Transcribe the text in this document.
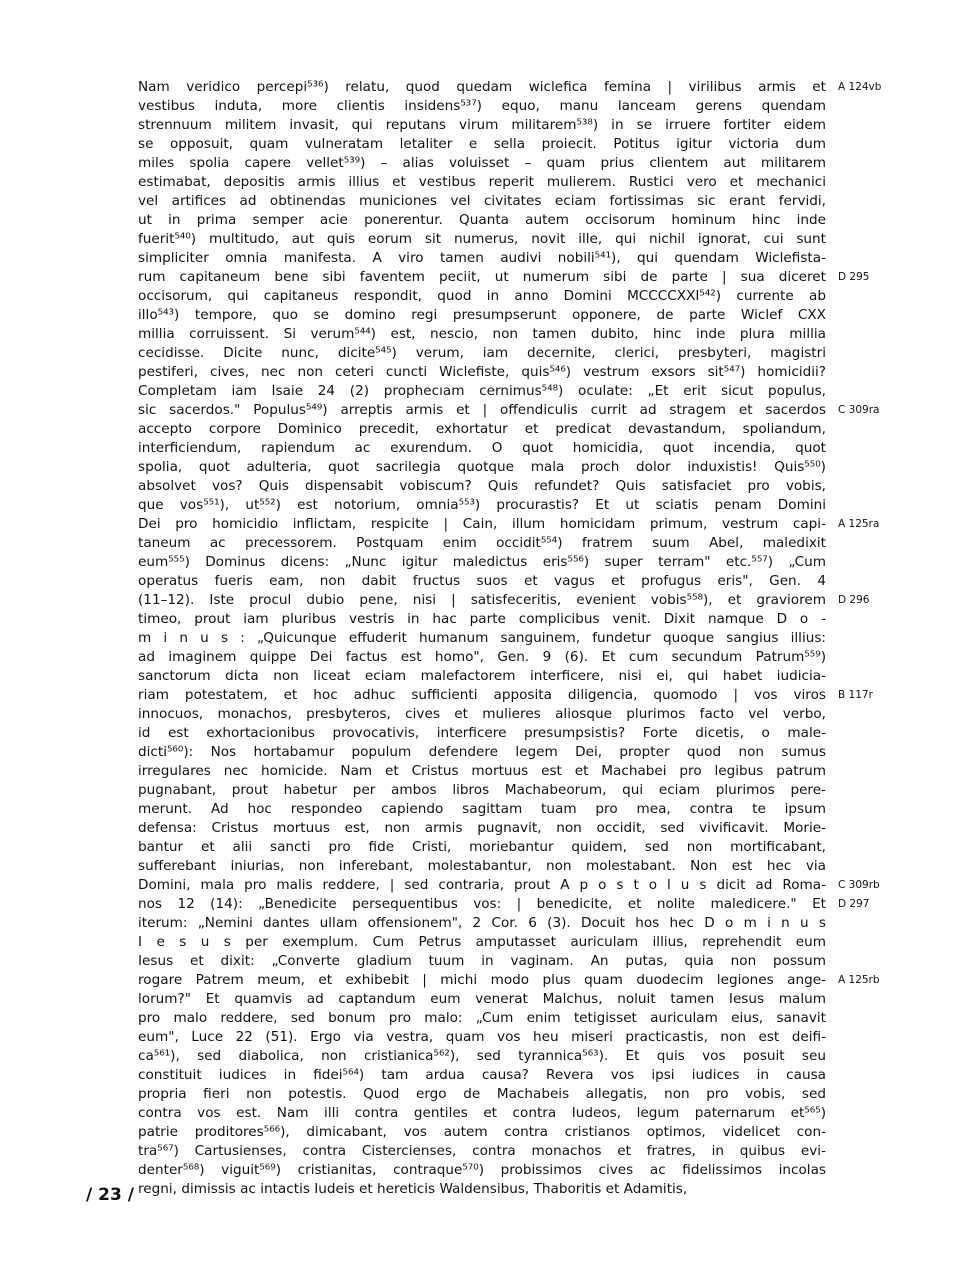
Nam veridico percepi⁵³⁶) relatu, quod quedam wiclefica femina | virilibus armis et
vestibus induta, more clientis insidens⁵³⁷) equo, manu lanceam gerens quendam
strennuum militem invasit, qui reputans virum militarem⁵³⁸) in se irruere fortiter eidem
se opposuit, quam vulneratam letaliter e sella proiecit. Potitus igitur victoria dum
miles spolia capere vellet⁵³⁹) – alias voluisset – quam prius clientem aut militarem
estimabat, depositis armis illius et vestibus reperit mulierem. Rustici vero et mechanici
vel artifices ad obtinendas municiones vel civitates eciam fortissimas sic erant fervidi,
ut in prima semper acie ponerentur. Quanta autem occisorum hominum hinc inde
fuerit⁵⁴⁰) multitudo, aut quis eorum sit numerus, novit ille, qui nichil ignorat, cui sunt
simpliciter omnia manifesta. A viro tamen audivi nobili⁵⁴¹), qui quendam Wiclefista-
rum capitaneum bene sibi faventem peciit, ut numerum sibi de parte | sua diceret
occisorum, qui capitaneus respondit, quod in anno Domini MCCCCXXI⁵⁴²) currente ab
illo⁵⁴³) tempore, quo se domino regi presumpserunt opponere, de parte Wiclef CXX
millia corruissent. Si verum⁵⁴⁴) est, nescio, non tamen dubito, hinc inde plura millia
cecidisse. Dicite nunc, dicite⁵⁴⁵) verum, iam decernite, clerici, presbyteri, magistri
pestiferi, cives, nec non ceteri cuncti Wiclefiste, quis⁵⁴⁶) vestrum exsors sit⁵⁴⁷) homicidii?
Completam iam Isaie 24 (2) prophecıam cernimus⁵⁴⁸) oculate: „Et erit sicut populus,
sic sacerdos." Populus⁵⁴⁹) arreptis armis et | offendiculis currit ad stragem et sacerdos
accepto corpore Dominico precedit, exhortatur et predicat devastandum, spoliandum,
interficiendum, rapiendum ac exurendum. O quot homicidia, quot incendia, quot
spolia, quot adulteria, quot sacrilegia quotque mala proch dolor induxistis! Quis⁵⁵⁰)
absolvet vos? Quis dispensabit vobiscum? Quis refundet? Quis satisfaciet pro vobis,
que vos⁵⁵¹), ut⁵⁵²) est notorium, omnia⁵⁵³) procurastis? Et ut sciatis penam Domini
Dei pro homicidio inflictam, respicite | Cain, illum homicidam primum, vestrum capi-
taneum ac precessorem. Postquam enim occidit⁵⁵⁴) fratrem suum Abel, maledixit
eum⁵⁵⁵) Dominus dicens: „Nunc igitur maledictus eris⁵⁵⁶) super terram" etc.⁵⁵⁷) „Cum
operatus fueris eam, non dabit fructus suos et vagus et profugus eris", Gen. 4
(11–12). Iste procul dubio pene, nisi | satisfeceritis, evenient vobis⁵⁵⁸), et graviorem
timeo, prout iam pluribus vestris in hac parte complicibus venit. Dixit namque D o -
m i n u s : „Quicunque effuderit humanum sanguinem, fundetur quoque sangius illius:
ad imaginem quippe Dei factus est homo", Gen. 9 (6). Et cum secundum Patrum⁵⁵⁹)
sanctorum dicta non liceat eciam malefactorem interficere, nisi ei, qui habet iudicia-
riam potestatem, et hoc adhuc sufficienti apposita diligencia, quomodo | vos viros
innocuos, monachos, presbyteros, cives et mulieres aliosque plurimos facto vel verbo,
id est exhortacionibus provocativis, interficere presumpsistis? Forte dicetis, o male-
dicti⁵⁶⁰): Nos hortabamur populum defendere legem Dei, propter quod non sumus
irregulares nec homicide. Nam et Cristus mortuus est et Machabei pro legibus patrum
pugnabant, prout habetur per ambos libros Machabeorum, qui eciam plurimos pere-
merunt. Ad hoc respondeo capiendo sagittam tuam pro mea, contra te ipsum
defensa: Cristus mortuus est, non armis pugnavit, non occidit, sed vivificavit. Morie-
bantur et alii sancti pro fide Cristi, moriebantur quidem, sed non mortificabant,
sufferebant iniurias, non inferebant, molestabantur, non molestabant. Non est hec via
Domini, mala pro malis reddere, | sed contraria, prout A p o s t o l u s dicit ad Roma-
nos 12 (14): „Benedicite persequentibus vos: | benedicite, et nolite maledicere." Et
iterum: „Nemini dantes ullam offensionem", 2 Cor. 6 (3). Docuit hos hec D o m i n u s
I e s u s per exemplum. Cum Petrus amputasset auriculam illius, reprehendit eum
Iesus et dixit: „Converte gladium tuum in vaginam. An putas, quia non possum
rogare Patrem meum, et exhibebit | michi modo plus quam duodecim legiones ange-
lorum?" Et quamvis ad captandum eum venerat Malchus, noluit tamen Iesus malum
pro malo reddere, sed bonum pro malo: „Cum enim tetigisset auriculam eius, sanavit
eum", Luce 22 (51). Ergo via vestra, quam vos heu miseri practicastis, non est deifi-
ca⁵⁶¹), sed diabolica, non cristianica⁵⁶²), sed tyrannica⁵⁶³). Et quis vos posuit seu
constituit iudices in fidei⁵⁶⁴) tam ardua causa? Revera vos ipsi iudices in causa
propria fieri non potestis. Quod ergo de Machabeis allegatis, non pro vobis, sed
contra vos est. Nam illi contra gentiles et contra Iudeos, legum paternarum et⁵⁶⁵)
patrie proditores⁵⁶⁶), dimicabant, vos autem contra cristianos optimos, videlicet con-
tra⁵⁶⁷) Cartusienses, contra Cistercienses, contra monachos et fratres, in quibus evi-
denter⁵⁶⁸) viguit⁵⁶⁹) cristianitas, contraque⁵⁷⁰) probissimos cives ac fidelissimos incolas
regni, dimissis ac intactis Iudeis et hereticis Waldensibus, Thaboritis et Adamitis,
A 124vb
D 295
C 309ra
A 125ra
D 296
B 117r
C 309rb
D 297
A 125rb
/ 23 /
